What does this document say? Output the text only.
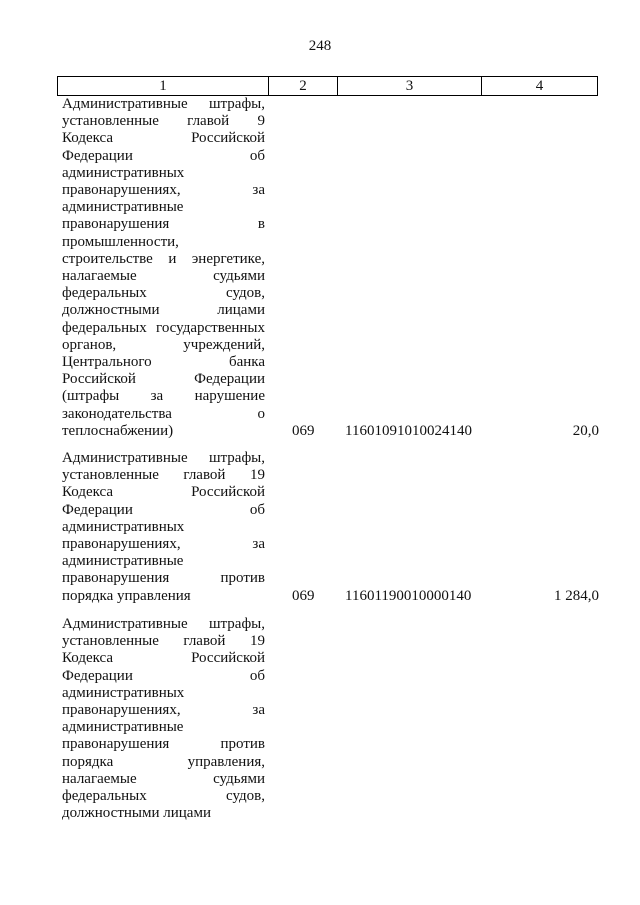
248
1	2	3	4
Административные штрафы,
установленные главой 9
Кодекса Российской
Федерации об
административных
правонарушениях, за
административные
правонарушения в
промышленности,
строительстве и энергетике,
налагаемые судьями
федеральных судов,
должностными лицами
федеральных государственных
органов, учреждений,
Центрального банка
Российской Федерации
(штрафы за нарушение
законодательства о
теплоснабжении)	069	11601091010024140	20,0
Административные штрафы,
установленные главой 19
Кодекса Российской
Федерации об
административных
правонарушениях, за
административные
правонарушения против
порядка управления	069	11601190010000140	1 284,0
Административные штрафы,
установленные главой 19
Кодекса Российской
Федерации об
административных
правонарушениях, за
административные
правонарушения против
порядка управления,
налагаемые судьями
федеральных судов,
должностными лицами
